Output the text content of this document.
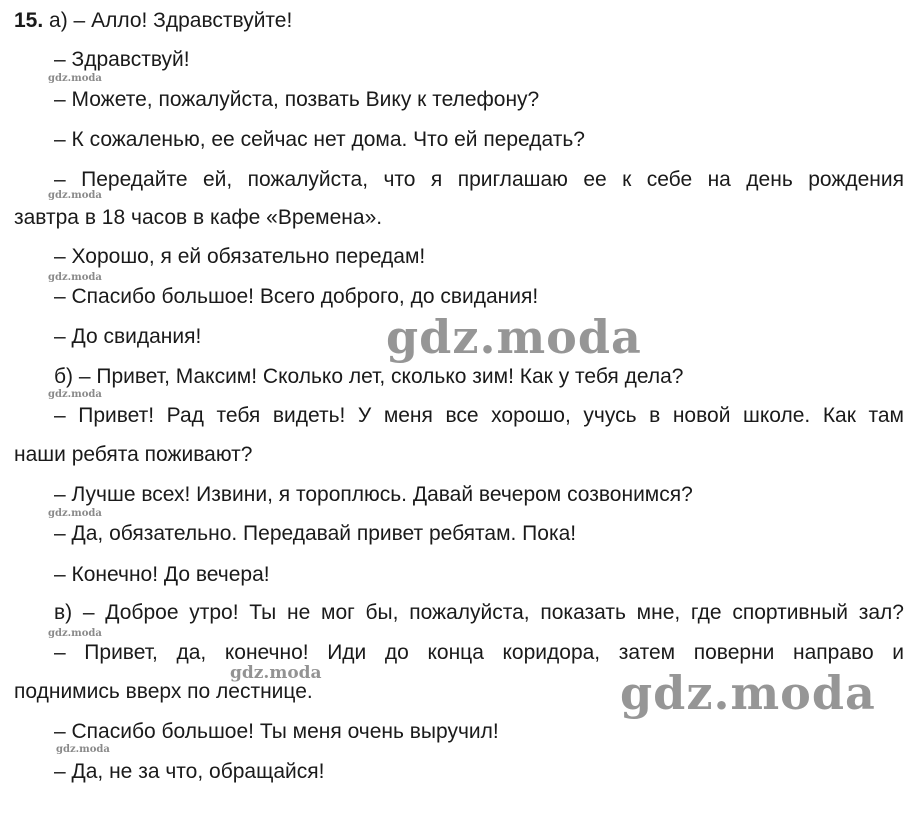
15. а) – Алло! Здравствуйте!
– Здравствуй!
– Можете, пожалуйста, позвать Вику к телефону?
– К сожаленью, ее сейчас нет дома. Что ей передать?
– Передайте ей, пожалуйста, что я приглашаю ее к себе на день рождения
завтра в 18 часов в кафе «Времена».
– Хорошо, я ей обязательно передам!
– Спасибо большое! Всего доброго, до свидания!
– До свидания!
б) – Привет, Максим! Сколько лет, сколько зим! Как у тебя дела?
– Привет! Рад тебя видеть! У меня все хорошо, учусь в новой школе. Как там
наши ребята поживают?
– Лучше всех! Извини, я тороплюсь. Давай вечером созвонимся?
– Да, обязательно. Передавай привет ребятам. Пока!
– Конечно! До вечера!
в) – Доброе утро! Ты не мог бы, пожалуйста, показать мне, где спортивный зал?
– Привет, да, конечно! Иди до конца коридора, затем поверни направо и
поднимись вверх по лестнице.
– Спасибо большое! Ты меня очень выручил!
– Да, не за что, обращайся!
gdz.moda
gdz.moda
gdz.moda
gdz.moda
gdz.moda
gdz.moda
gdz.moda
gdz.moda
gdz.moda
gdz.moda
